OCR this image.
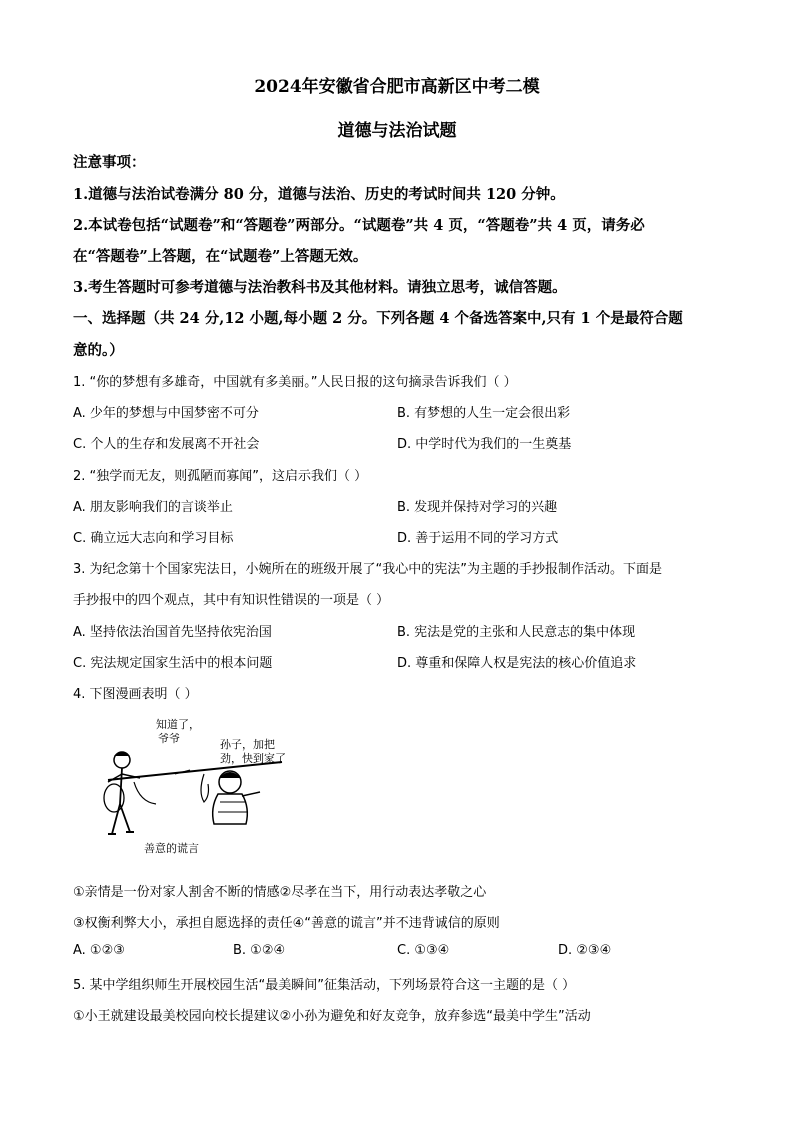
2024年安徽省合肥市高新区中考二模
道德与法治试题
注意事项：
1.道德与法治试卷满分 80 分，道德与法治、历史的考试时间共 120 分钟。
2.本试卷包括“试题卷”和“答题卷”两部分。“试题卷”共 4 页，“答题卷”共 4 页，请务必
在“答题卷”上答题，在“试题卷”上答题无效。
3.考生答题时可参考道德与法治教科书及其他材料。请独立思考，诚信答题。
一、选择题（共 24 分,12 小题,每小题 2 分。下列各题 4 个备选答案中,只有 1 个是最符合题
意的。）
1. “你的梦想有多雄奇，中国就有多美丽。”人民日报的这句摘录告诉我们（ ）
A. 少年的梦想与中国梦密不可分	B. 有梦想的人生一定会很出彩
C. 个人的生存和发展离不开社会	D. 中学时代为我们的一生奠基
2. “独学而无友，则孤陋而寡闻”，这启示我们（ ）
A. 朋友影响我们的言谈举止	B. 发现并保持对学习的兴趣
C. 确立远大志向和学习目标	D. 善于运用不同的学习方式
3. 为纪念第十个国家宪法日，小婉所在的班级开展了“我心中的宪法”为主题的手抄报制作活动。下面是
手抄报中的四个观点，其中有知识性错误的一项是（ ）
A. 坚持依法治国首先坚持依宪治国	B. 宪法是党的主张和人民意志的集中体现
C. 宪法规定国家生活中的根本问题	D. 尊重和保障人权是宪法的核心价值追求
4. 下图漫画表明（ ）
知道了，
爷爷	孙子，加把
劲，快到家了
善意的谎言
①亲情是一份对家人割舍不断的情感②尽孝在当下，用行动表达孝敬之心
③权衡利弊大小，承担自愿选择的责任④“善意的谎言”并不违背诚信的原则
A. ①②③	B. ①②④	C. ①③④	D. ②③④
5. 某中学组织师生开展校园生活“最美瞬间”征集活动，下列场景符合这一主题的是（ ）
①小王就建设最美校园向校长提建议②小孙为避免和好友竞争，放弃参选“最美中学生”活动
